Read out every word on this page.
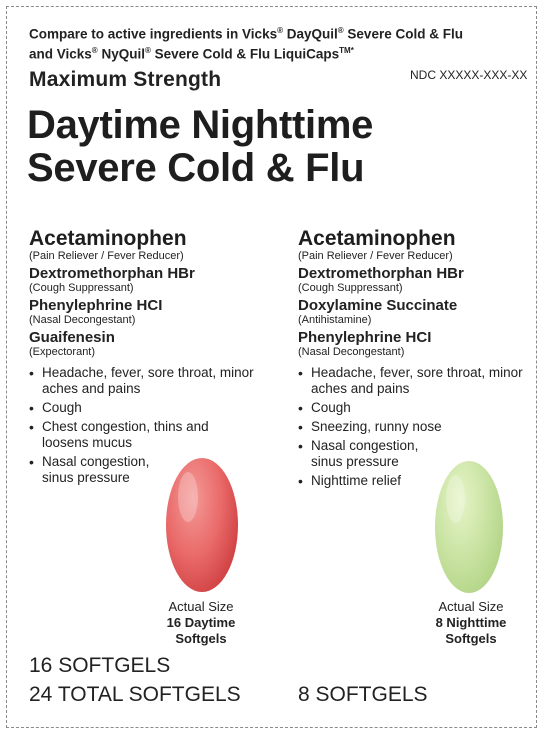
Compare to active ingredients in Vicks® DayQuil® Severe Cold & Flu
and Vicks® NyQuil® Severe Cold & Flu LiquiCaps$^{TM*}$
Maximum Strength	NDC XXXXX-XXX-XX
Daytime Nighttime
Severe Cold & Flu
Acetaminophen
(Pain Reliever / Fever Reducer)
Dextromethorphan HBr
(Cough Suppressant)
Phenylephrine HCI
(Nasal Decongestant)
Guaifenesin
(Expectorant)
• Headache, fever, sore throat, minor aches and pains
• Cough
• Chest congestion, thins and loosens mucus
• Nasal congestion, sinus pressure
Acetaminophen
(Pain Reliever / Fever Reducer)
Dextromethorphan HBr
(Cough Suppressant)
Doxylamine Succinate
(Antihistamine)
Phenylephrine HCI
(Nasal Decongestant)
• Headache, fever, sore throat, minor aches and pains
• Cough
• Sneezing, runny nose
• Nasal congestion, sinus pressure
• Nighttime relief
Actual Size
16 Daytime
Softgels
Actual Size
8 Nighttime
Softgels
16 SOFTGELS
24 TOTAL SOFTGELS	8 SOFTGELS
